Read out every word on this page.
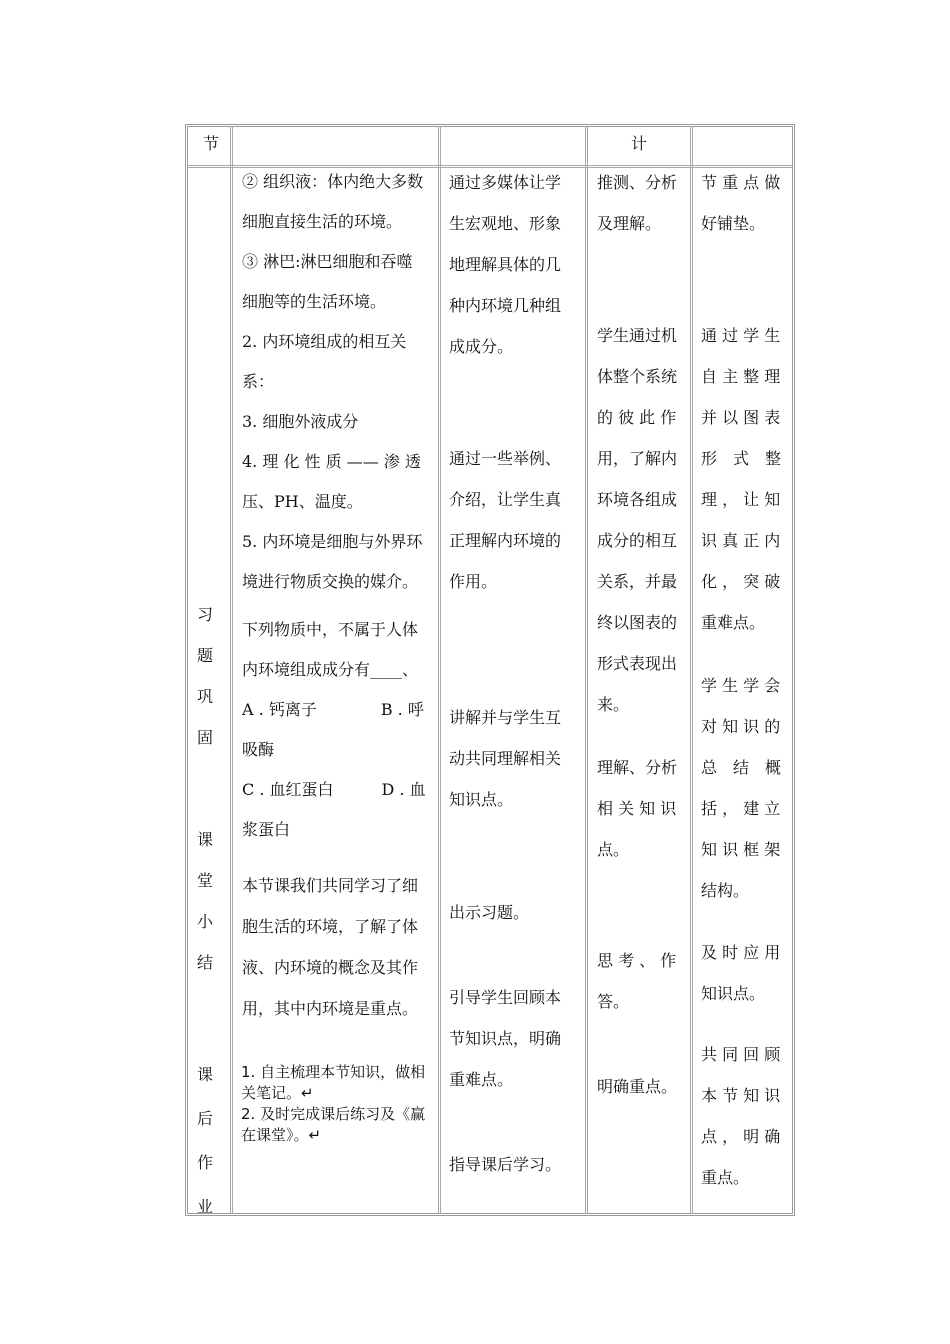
节	计
习
题
巩
固
课
堂
小
结
课
后
作
业

② 组织液：体内绝大多数

细胞直接生活的环境。

③ 淋巴:淋巴细胞和吞噬

细胞等的生活环境。

2. 内环境组成的相互关

系：

3. 细胞外液成分

4. 理 化 性 质 —— 渗 透

压、PH、温度。

5. 内环境是细胞与外界环

境进行物质交换的媒介。

下列物质中，不属于人体

内环境组成成分有____、

A . 钙离子　　　　B . 呼

吸酶

C . 血红蛋白　　　D . 血

浆蛋白

本节课我们共同学习了细

胞生活的环境，了解了体

液、内环境的概念及其作

用，其中内环境是重点。

1. 自主梳理本节知识，做相

关笔记。↵

2. 及时完成课后练习及《赢

在课堂》。↵

通过多媒体让学

生宏观地、形象

地理解具体的几

种内环境几种组

成成分。

通过一些举例、

介绍，让学生真

正理解内环境的

作用。

讲解并与学生互

动共同理解相关

知识点。

出示习题。

引导学生回顾本

节知识点，明确

重难点。

指导课后学习。

推测、分析

及理解。

学生通过机

体整个系统

的 彼 此 作

用，了解内

环境各组成

成分的相互

关系，并最

终以图表的

形式表现出

来。

理解、分析

相 关 知 识

点。

思 考 、 作

答。

明确重点。

节 重 点 做

好铺垫。

通 过 学 生

自 主 整 理

并 以 图 表

形　式　整

理 ， 让 知

识 真 正 内

化 ， 突 破

重难点。

学 生 学 会

对 知 识 的

总　结　概

括 ， 建 立

知 识 框 架

结构。

及 时 应 用

知识点。

共 同 回 顾

本 节 知 识

点 ， 明 确

重点。
